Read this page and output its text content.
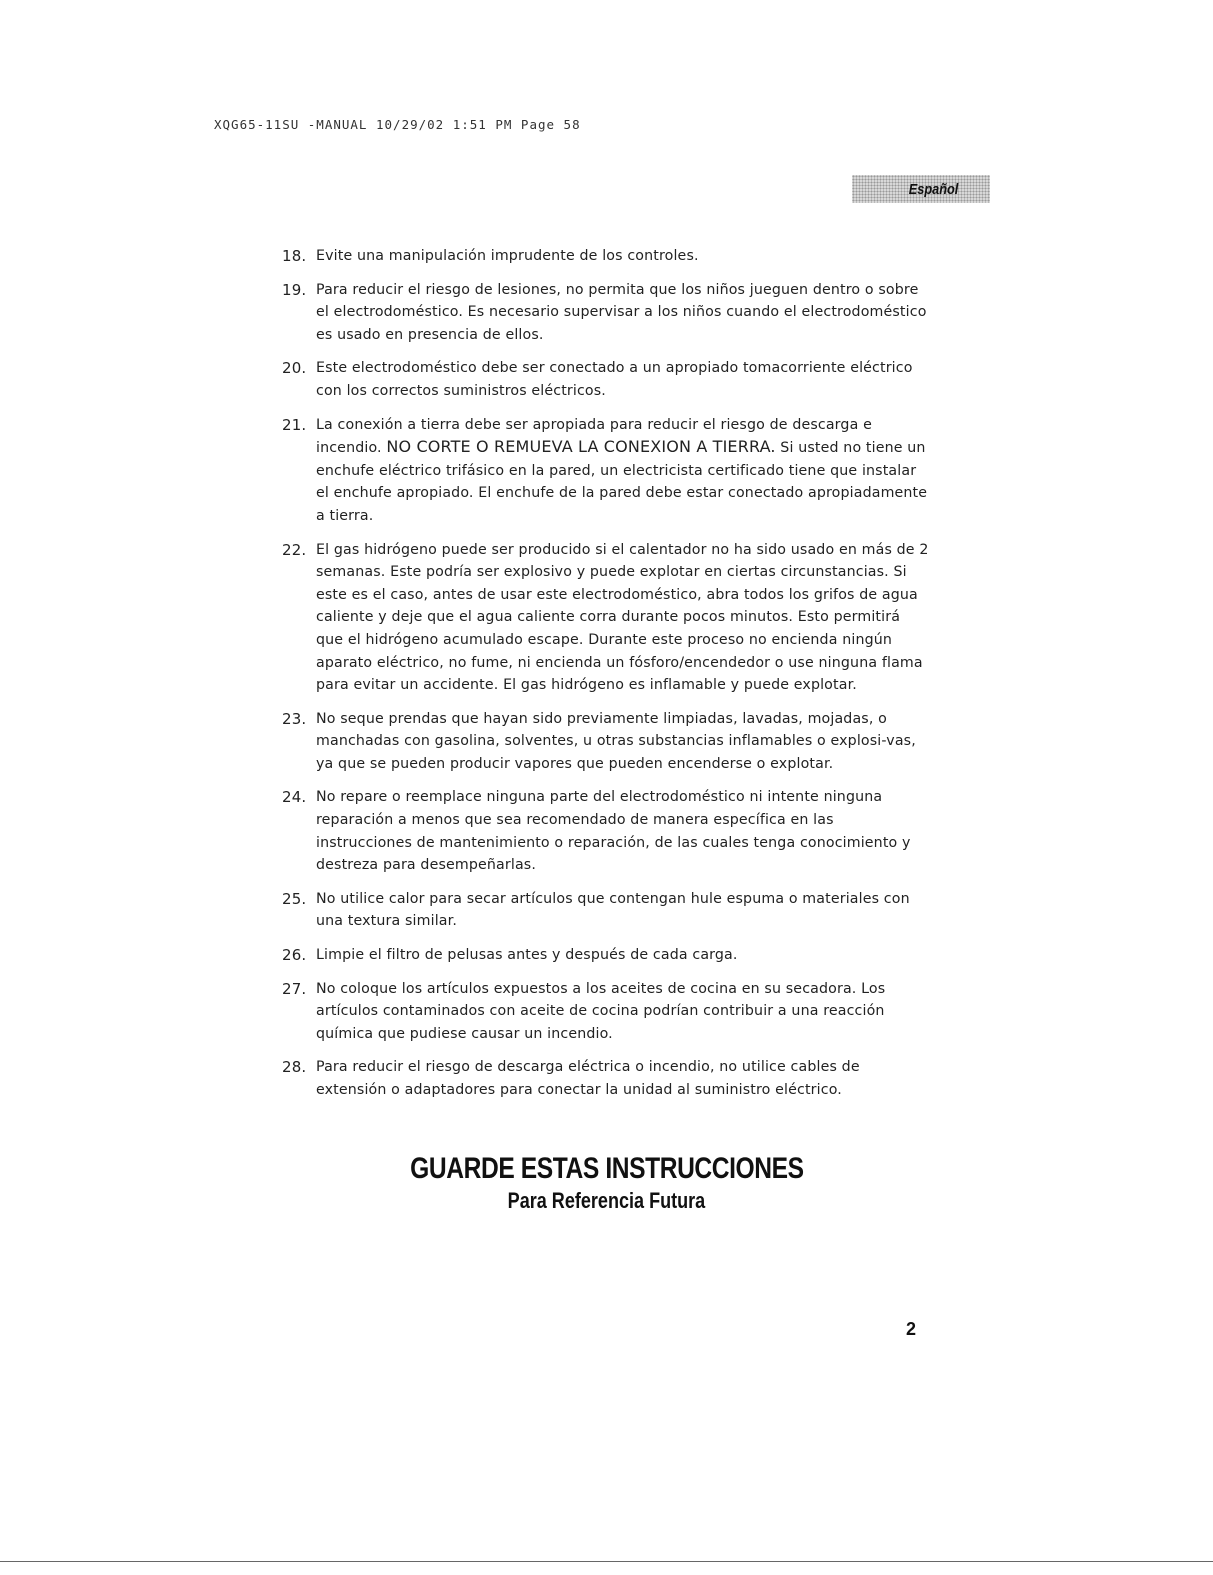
XQG65-11SU -MANUAL 10/29/02 1:51 PM Page 58
Español
18. Evite una manipulación imprudente de los controles.
19. Para reducir el riesgo de lesiones, no permita que los niños jueguen dentro o sobre el electrodoméstico. Es necesario supervisar a los niños cuando el electrodoméstico es usado en presencia de ellos.
20. Este electrodoméstico debe ser conectado a un apropiado tomacorriente eléctrico con los correctos suministros eléctricos.
21. La conexión a tierra debe ser apropiada para reducir el riesgo de descarga e incendio. NO CORTE O REMUEVA LA CONEXION A TIERRA. Si usted no tiene un enchufe eléctrico trifásico en la pared, un electricista certificado tiene que instalar el enchufe apropiado. El enchufe de la pared debe estar conectado apropiadamente a tierra.
22. El gas hidrógeno puede ser producido si el calentador no ha sido usado en más de 2 semanas. Este podría ser explosivo y puede explotar en ciertas circunstancias. Si este es el caso, antes de usar este electrodoméstico, abra todos los grifos de agua caliente y deje que el agua caliente corra durante pocos minutos. Esto permitirá que el hidrógeno acumulado escape. Durante este proceso no encienda ningún aparato eléctrico, no fume, ni encienda un fósforo/encendedor o use ninguna flama para evitar un accidente. El gas hidrógeno es inflamable y puede explotar.
23. No seque prendas que hayan sido previamente limpiadas, lavadas, mojadas, o manchadas con gasolina, solventes, u otras substancias inflamables o explosi-vas, ya que se pueden producir vapores que pueden encenderse o explotar.
24. No repare o reemplace ninguna parte del electrodoméstico ni intente ninguna reparación a menos que sea recomendado de manera específica en las instrucciones de mantenimiento o reparación, de las cuales tenga conocimiento y destreza para desempeñarlas.
25. No utilice calor para secar artículos que contengan hule espuma o materiales con una textura similar.
26. Limpie el filtro de pelusas antes y después de cada carga.
27. No coloque los artículos expuestos a los aceites de cocina en su secadora. Los artículos contaminados con aceite de cocina podrían contribuir a una reacción química que pudiese causar un incendio.
28. Para reducir el riesgo de descarga eléctrica o incendio, no utilice cables de extensión o adaptadores para conectar la unidad al suministro eléctrico.
GUARDE ESTAS INSTRUCCIONES
Para Referencia Futura
2
